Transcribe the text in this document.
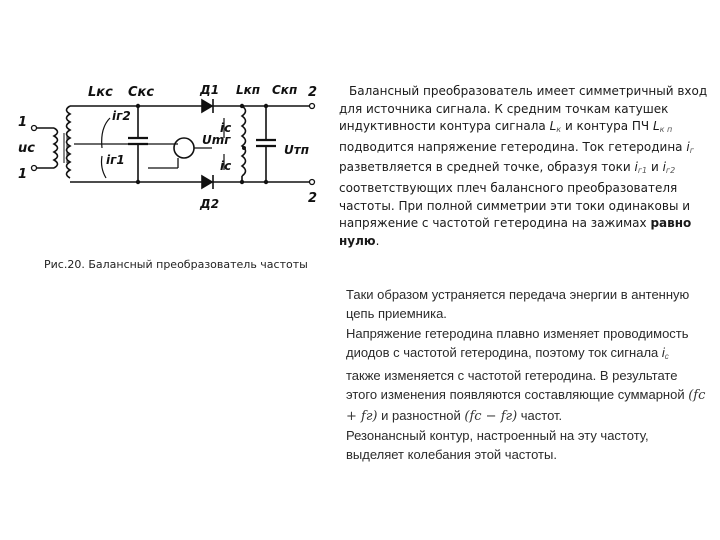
Lкс Скс	Д1 Lкп Скп
iг2
iг1
iс
iс
Umг
Uтп
Д2
1
uс
1
2
2
Рис.20. Балансный преобразователь частоты
Балансный преобразователь имеет симметричный вход для источника сигнала. К средним точкам катушек индуктивности контура сигнала $L_к$ и контура ПЧ $L_{к п}$ подводится напряжение гетеродина. Ток гетеродина $i_г$ разветвляется в средней точке, образуя токи $i_{г1}$ и $i_{г2}$ соответствующих плеч балансного преобразователя частоты. При полной симметрии эти токи одинаковы и напряжение с частотой гетеродина на зажимах равно нулю.
Таки образом устраняется передача энергии в антенную цепь приемника.
Напряжение гетеродина плавно изменяет проводимость диодов с частотой гетеродина, поэтому ток сигнала $i_c$ также изменяется с частотой гетеродина. В результате этого изменения появляются составляющие суммарной (fc + fг) и разностной (fc − fг) частот.
Резонансный контур, настроенный на эту частоту, выделяет колебания этой частоты.
